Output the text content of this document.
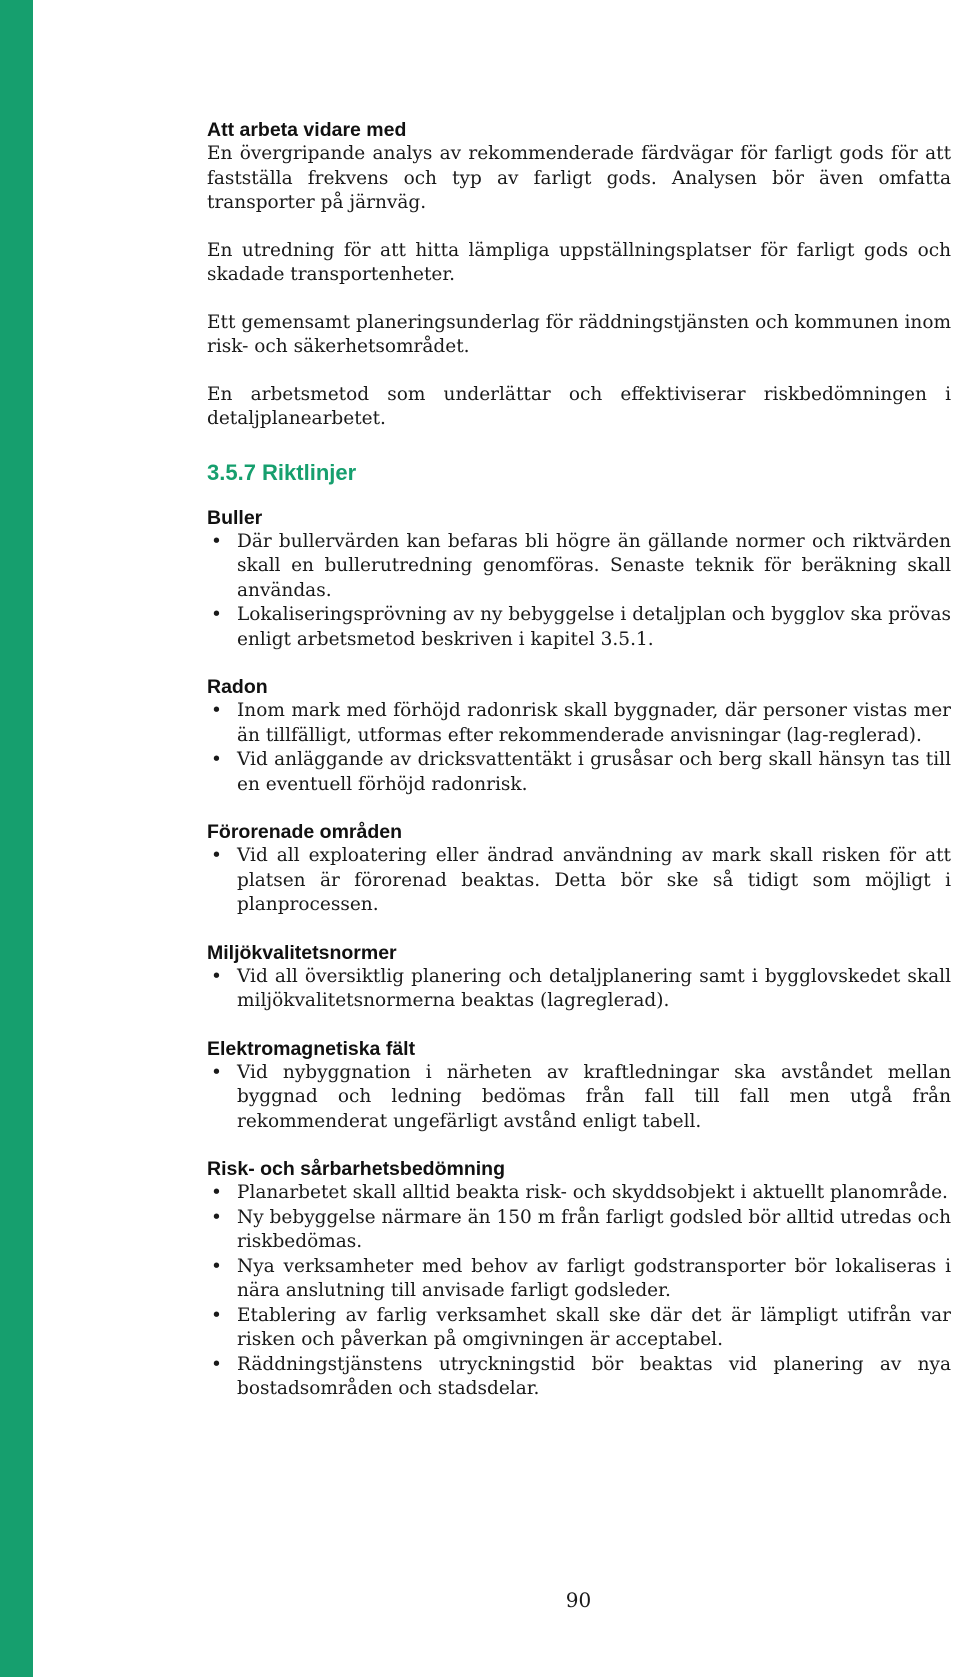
Att arbeta vidare med

En övergripande analys av rekommenderade färdvägar för farligt gods för att fastställa frekvens och typ av farligt gods. Analysen bör även omfatta transporter på järnväg.

En utredning för att hitta lämpliga uppställningsplatser för farligt gods och skadade transportenheter.

Ett gemensamt planeringsunderlag för räddningstjänsten och kommunen inom risk- och säkerhetsområdet.

En arbetsmetod som underlättar och effektiviserar riskbedömningen i detaljplanearbetet.

3.5.7 Riktlinjer
Buller
• Där bullervärden kan befaras bli högre än gällande normer och riktvärden skall en bullerutredning genomföras. Senaste teknik för beräkning skall användas.
• Lokaliseringsprövning av ny bebyggelse i detaljplan och bygglov ska prövas enligt arbetsmetod beskriven i kapitel 3.5.1.
Radon
• Inom mark med förhöjd radonrisk skall byggnader, där personer vistas mer än tillfälligt, utformas efter rekommenderade anvisningar (lag-reglerad).
• Vid anläggande av dricksvattentäkt i grusåsar och berg skall hänsyn tas till en eventuell förhöjd radonrisk.
Förorenade områden
• Vid all exploatering eller ändrad användning av mark skall risken för att platsen är förorenad beaktas. Detta bör ske så tidigt som möjligt i planprocessen.
Miljökvalitetsnormer
• Vid all översiktlig planering och detaljplanering samt i bygglovskedet skall miljökvalitetsnormerna beaktas (lagreglerad).
Elektromagnetiska fält
• Vid nybyggnation i närheten av kraftledningar ska avståndet mellan byggnad och ledning bedömas från fall till fall men utgå från rekommenderat ungefärligt avstånd enligt tabell.
Risk- och sårbarhetsbedömning
• Planarbetet skall alltid beakta risk- och skyddsobjekt i aktuellt planområde.
• Ny bebyggelse närmare än 150 m från farligt godsled bör alltid utredas och riskbedömas.
• Nya verksamheter med behov av farligt godstransporter bör lokaliseras i nära anslutning till anvisade farligt godsleder.
• Etablering av farlig verksamhet skall ske där det är lämpligt utifrån var risken och påverkan på omgivningen är acceptabel.
• Räddningstjänstens utryckningstid bör beaktas vid planering av nya bostadsområden och stadsdelar.
90
